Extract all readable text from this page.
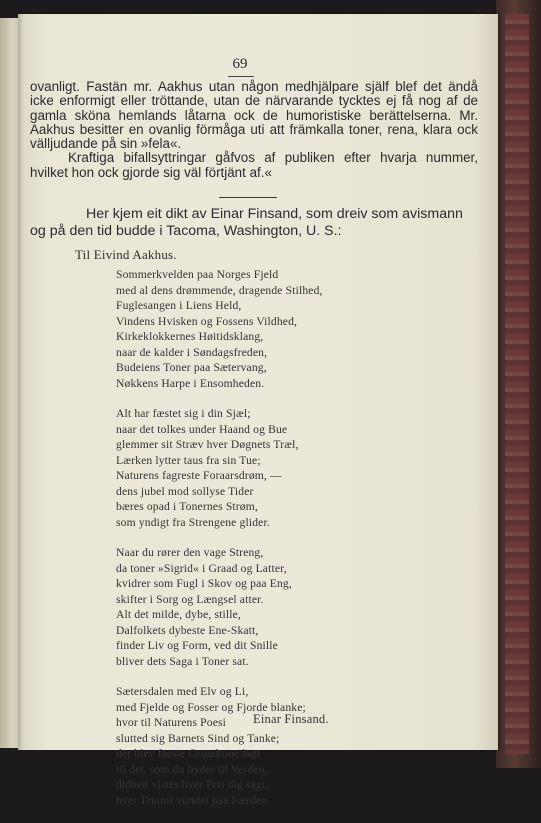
69

ovanligt. Fastän mr. Aakhus utan någon medhjälpare själf blef det ändå icke enformigt eller tröttande, utan de närvarande tycktes ej få nog af de gamla sköna hemlands låtarna ock de humoristiske berättelserna. Mr. Aakhus besitter en ovanlig förmåga uti att främkalla toner, rena, klara ock välljudande på sin »fela«.

Kraftiga bifallsyttringar gåfvos af publiken efter hvarja nummer, hvilket hon ock gjorde sig väl förtjänt af.«

Her kjem eit dikt av Einar Finsand, som dreiv som avismann og på den tid budde i Tacoma, Washington, U. S.:

Til Eivind Aakhus.
Sommerkvelden paa Norges Fjeld
med al dens drømmende, dragende Stilhed,
Fuglesangen i Liens Held,
Vindens Hvisken og Fossens Vildhed,
Kirkeklokkernes Høitidsklang,
naar de kalder i Søndagsfreden,
Budeiens Toner paa Sætervang,
Nøkkens Harpe i Ensomheden.
Alt har fæstet sig i din Sjæl;
naar det tolkes under Haand og Bue
glemmer sit Stræv hver Døgnets Træl,
Lærken lytter taus fra sin Tue;
Naturens fagreste Foraarsdrøm, —
dens jubel mod sollyse Tider
bæres opad i Tonernes Strøm,
som yndigt fra Strengene glider.
Naar du rører den vage Streng,
da toner »Sigrid« i Graad og Latter,
kvidrer som Fugl i Skov og paa Eng,
skifter i Sorg og Længsel atter.
Alt det milde, dybe, stille,
Dalfolkets dybeste Ene-Skatt,
finder Liv og Form, ved dit Snille
bliver dets Saga i Toner sat.
Sætersdalen med Elv og Li,
med Fjelde og Fosser og Fjorde blanke;
hvor til Naturens Poesi
slutted sig Barnets Sind og Tanke;
der blev første Grundtone lagt
til det, som du byder til Verden,
didhen vistes hver Pris dig sagt,
hver Triumf vundet paa Færden.
Einar Finsand.
